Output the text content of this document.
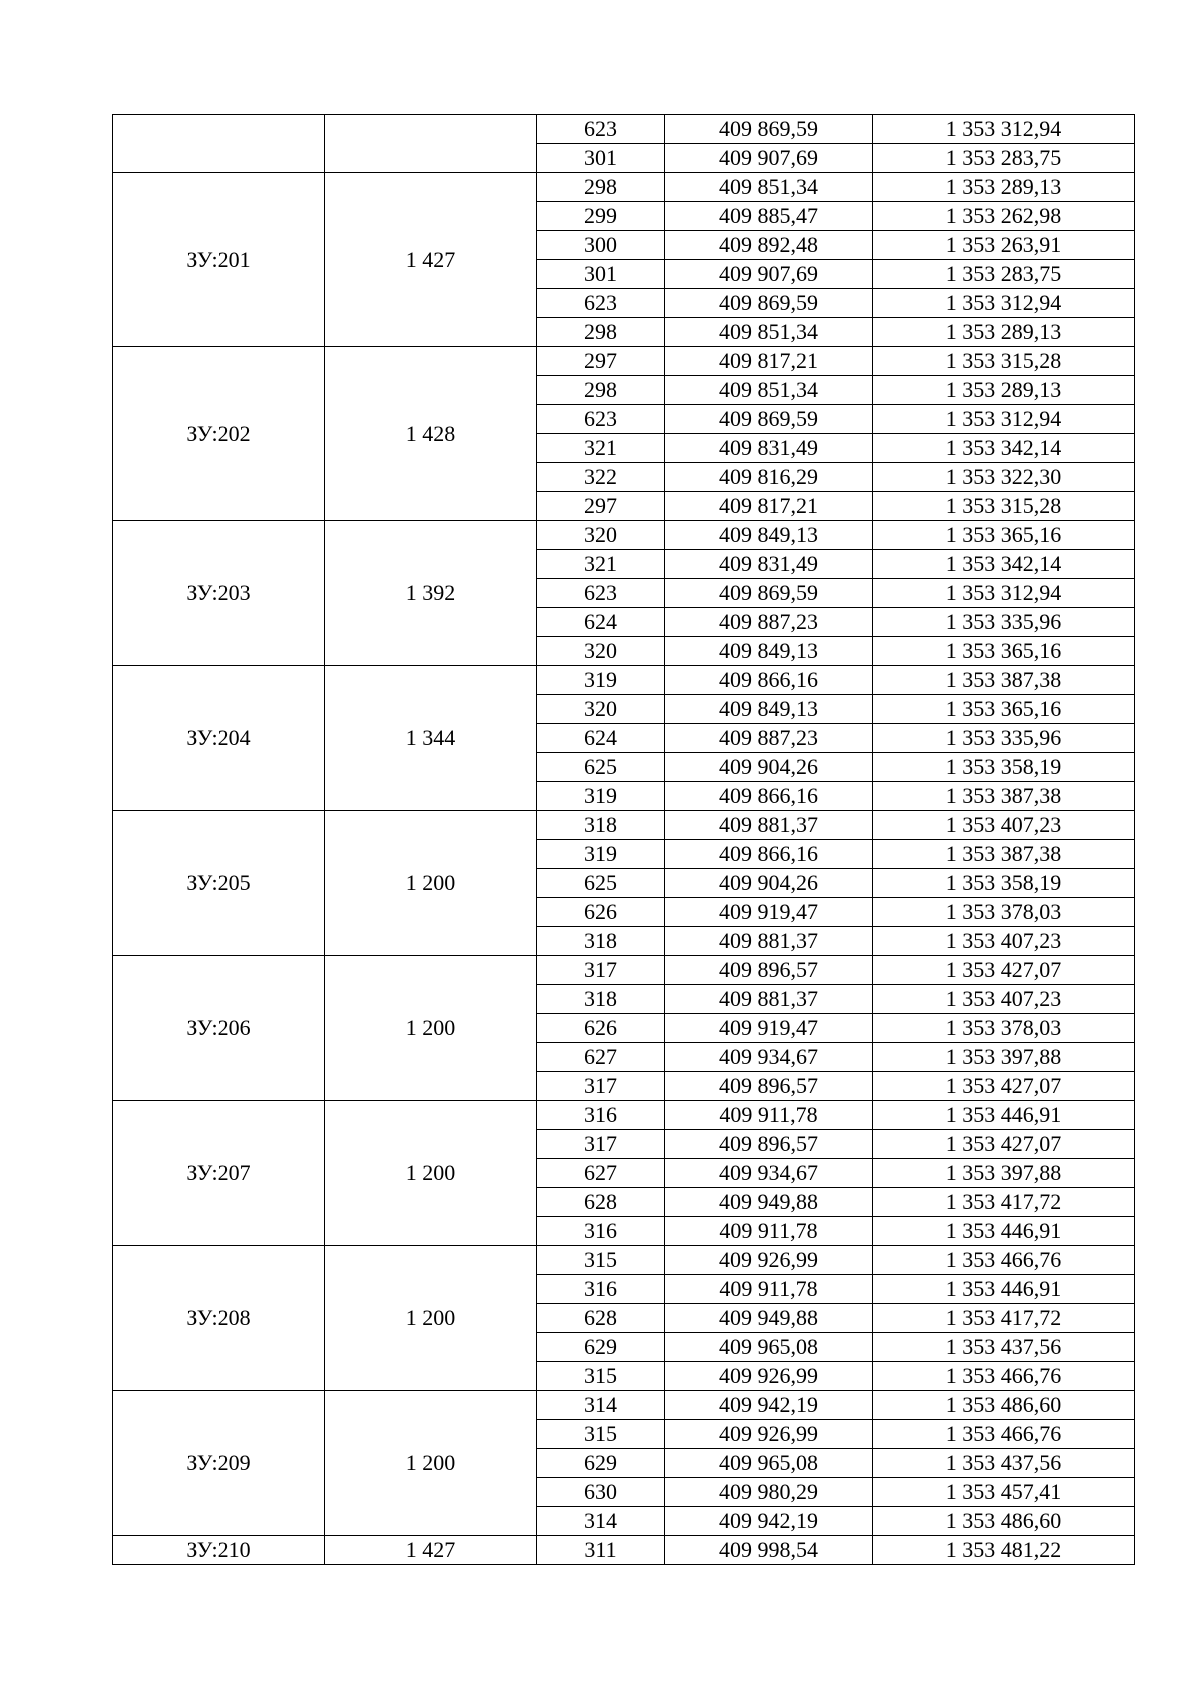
		623	409 869,59	1 353 312,94
		301	409 907,69	1 353 283,75
ЗУ:201	1 427	298	409 851,34	1 353 289,13
		299	409 885,47	1 353 262,98
		300	409 892,48	1 353 263,91
		301	409 907,69	1 353 283,75
		623	409 869,59	1 353 312,94
		298	409 851,34	1 353 289,13
ЗУ:202	1 428	297	409 817,21	1 353 315,28
		298	409 851,34	1 353 289,13
		623	409 869,59	1 353 312,94
		321	409 831,49	1 353 342,14
		322	409 816,29	1 353 322,30
		297	409 817,21	1 353 315,28
ЗУ:203	1 392	320	409 849,13	1 353 365,16
		321	409 831,49	1 353 342,14
		623	409 869,59	1 353 312,94
		624	409 887,23	1 353 335,96
		320	409 849,13	1 353 365,16
ЗУ:204	1 344	319	409 866,16	1 353 387,38
		320	409 849,13	1 353 365,16
		624	409 887,23	1 353 335,96
		625	409 904,26	1 353 358,19
		319	409 866,16	1 353 387,38
ЗУ:205	1 200	318	409 881,37	1 353 407,23
		319	409 866,16	1 353 387,38
		625	409 904,26	1 353 358,19
		626	409 919,47	1 353 378,03
		318	409 881,37	1 353 407,23
ЗУ:206	1 200	317	409 896,57	1 353 427,07
		318	409 881,37	1 353 407,23
		626	409 919,47	1 353 378,03
		627	409 934,67	1 353 397,88
		317	409 896,57	1 353 427,07
ЗУ:207	1 200	316	409 911,78	1 353 446,91
		317	409 896,57	1 353 427,07
		627	409 934,67	1 353 397,88
		628	409 949,88	1 353 417,72
		316	409 911,78	1 353 446,91
ЗУ:208	1 200	315	409 926,99	1 353 466,76
		316	409 911,78	1 353 446,91
		628	409 949,88	1 353 417,72
		629	409 965,08	1 353 437,56
		315	409 926,99	1 353 466,76
ЗУ:209	1 200	314	409 942,19	1 353 486,60
		315	409 926,99	1 353 466,76
		629	409 965,08	1 353 437,56
		630	409 980,29	1 353 457,41
		314	409 942,19	1 353 486,60
ЗУ:210	1 427	311	409 998,54	1 353 481,22
